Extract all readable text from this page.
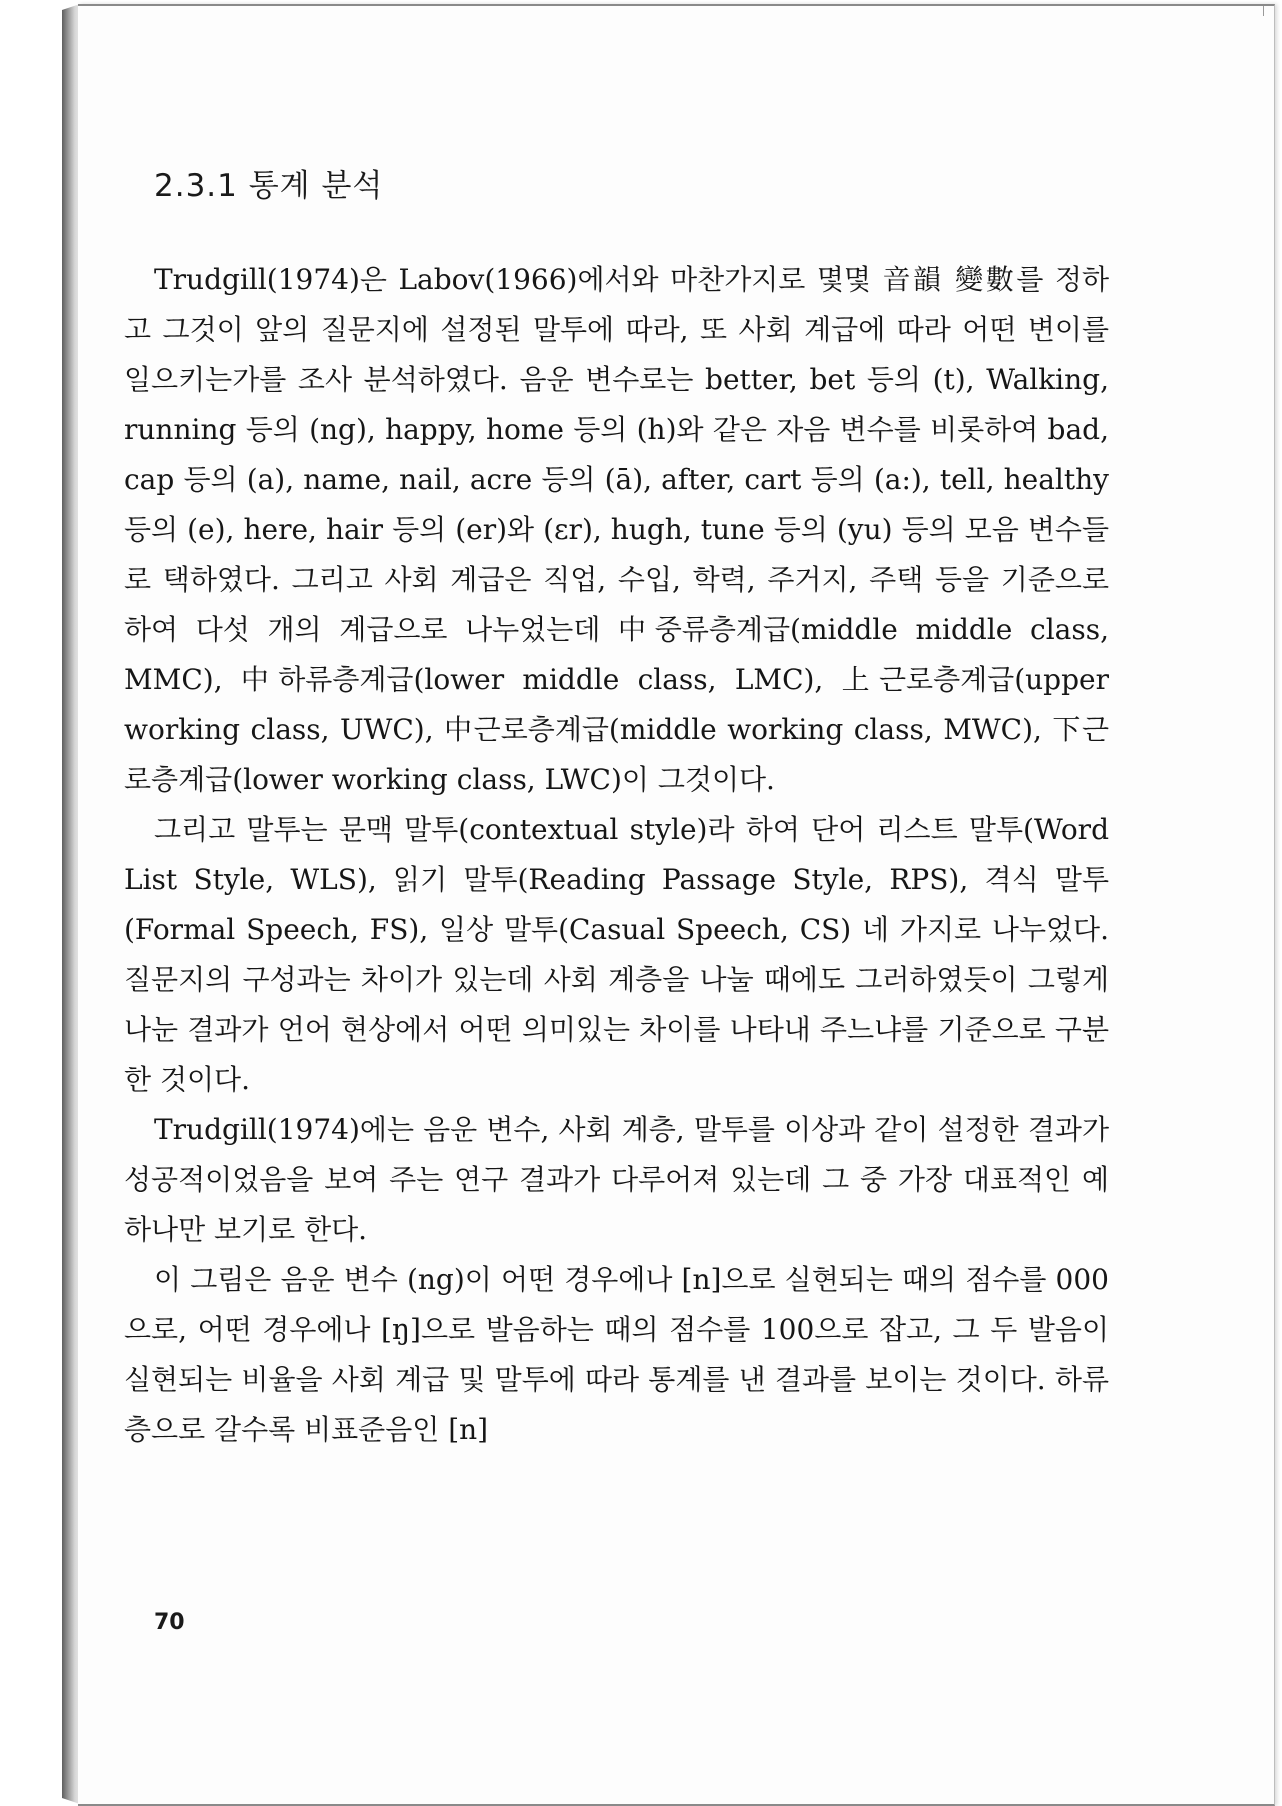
2.3.1 통계 분석

Trudgill(1974)은 Labov(1966)에서와 마찬가지로 몇몇 音韻 變數를 정하고 그것이 앞의 질문지에 설정된 말투에 따라, 또 사회 계급에 따라 어떤 변이를 일으키는가를 조사 분석하였다. 음운 변수로는 better, bet 등의 (t), Walking, running 등의 (ng), happy, home 등의 (h)와 같은 자음 변수를 비롯하여 bad, cap 등의 (a), name, nail, acre 등의 (ā), after, cart 등의 (a:), tell, healthy 등의 (e), here, hair 등의 (er)와 (ɛr), hugh, tune 등의 (yu) 등의 모음 변수들로 택하였다. 그리고 사회 계급은 직업, 수입, 학력, 주거지, 주택 등을 기준으로 하여 다섯 개의 계급으로 나누었는데 中중류층계급(middle middle class, MMC), 中하류층계급(lower middle class, LMC), 上근로층계급(upper working class, UWC), 中근로층계급(middle working class, MWC), 下근로층계급(lower working class, LWC)이 그것이다.

그리고 말투는 문맥 말투(contextual style)라 하여 단어 리스트 말투(Word List Style, WLS), 읽기 말투(Reading Passage Style, RPS), 격식 말투(Formal Speech, FS), 일상 말투(Casual Speech, CS) 네 가지로 나누었다. 질문지의 구성과는 차이가 있는데 사회 계층을 나눌 때에도 그러하였듯이 그렇게 나눈 결과가 언어 현상에서 어떤 의미있는 차이를 나타내 주느냐를 기준으로 구분한 것이다.

Trudgill(1974)에는 음운 변수, 사회 계층, 말투를 이상과 같이 설정한 결과가 성공적이었음을 보여 주는 연구 결과가 다루어져 있는데 그 중 가장 대표적인 예 하나만 보기로 한다.

이 그림은 음운 변수 (ng)이 어떤 경우에나 [n]으로 실현되는 때의 점수를 000으로, 어떤 경우에나 [ŋ]으로 발음하는 때의 점수를 100으로 잡고, 그 두 발음이 실현되는 비율을 사회 계급 및 말투에 따라 통계를 낸 결과를 보이는 것이다. 하류층으로 갈수록 비표준음인 [n]

70
